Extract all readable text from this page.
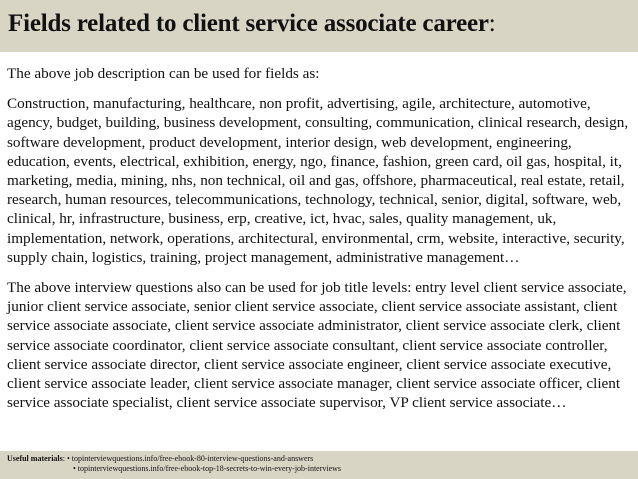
Fields related to client service associate career:

The above job description can be used for fields as:

Construction, manufacturing, healthcare, non profit, advertising, agile, architecture, automotive, agency, budget, building, business development, consulting, communication, clinical research, design, software development, product development, interior design, web development, engineering, education, events, electrical, exhibition, energy, ngo, finance, fashion, green card, oil gas, hospital, it, marketing, media, mining, nhs, non technical, oil and gas, offshore, pharmaceutical, real estate, retail, research, human resources, telecommunications, technology, technical, senior, digital, software, web, clinical, hr, infrastructure, business, erp, creative, ict, hvac, sales, quality management, uk, implementation, network, operations, architectural, environmental, crm, website, interactive, security, supply chain, logistics, training, project management, administrative management…

The above interview questions also can be used for job title levels: entry level client service associate, junior client service associate, senior client service associate, client service associate assistant, client service associate associate, client service associate administrator, client service associate clerk, client service associate coordinator, client service associate consultant, client service associate controller, client service associate director, client service associate engineer, client service associate executive, client service associate leader, client service associate manager, client service associate officer, client service associate specialist, client service associate supervisor, VP client service associate…

Useful materials: • topinterviewquestions.info/free-ebook-80-interview-questions-and-answers
• topinterviewquestions.info/free-ebook-top-18-secrets-to-win-every-job-interviews
